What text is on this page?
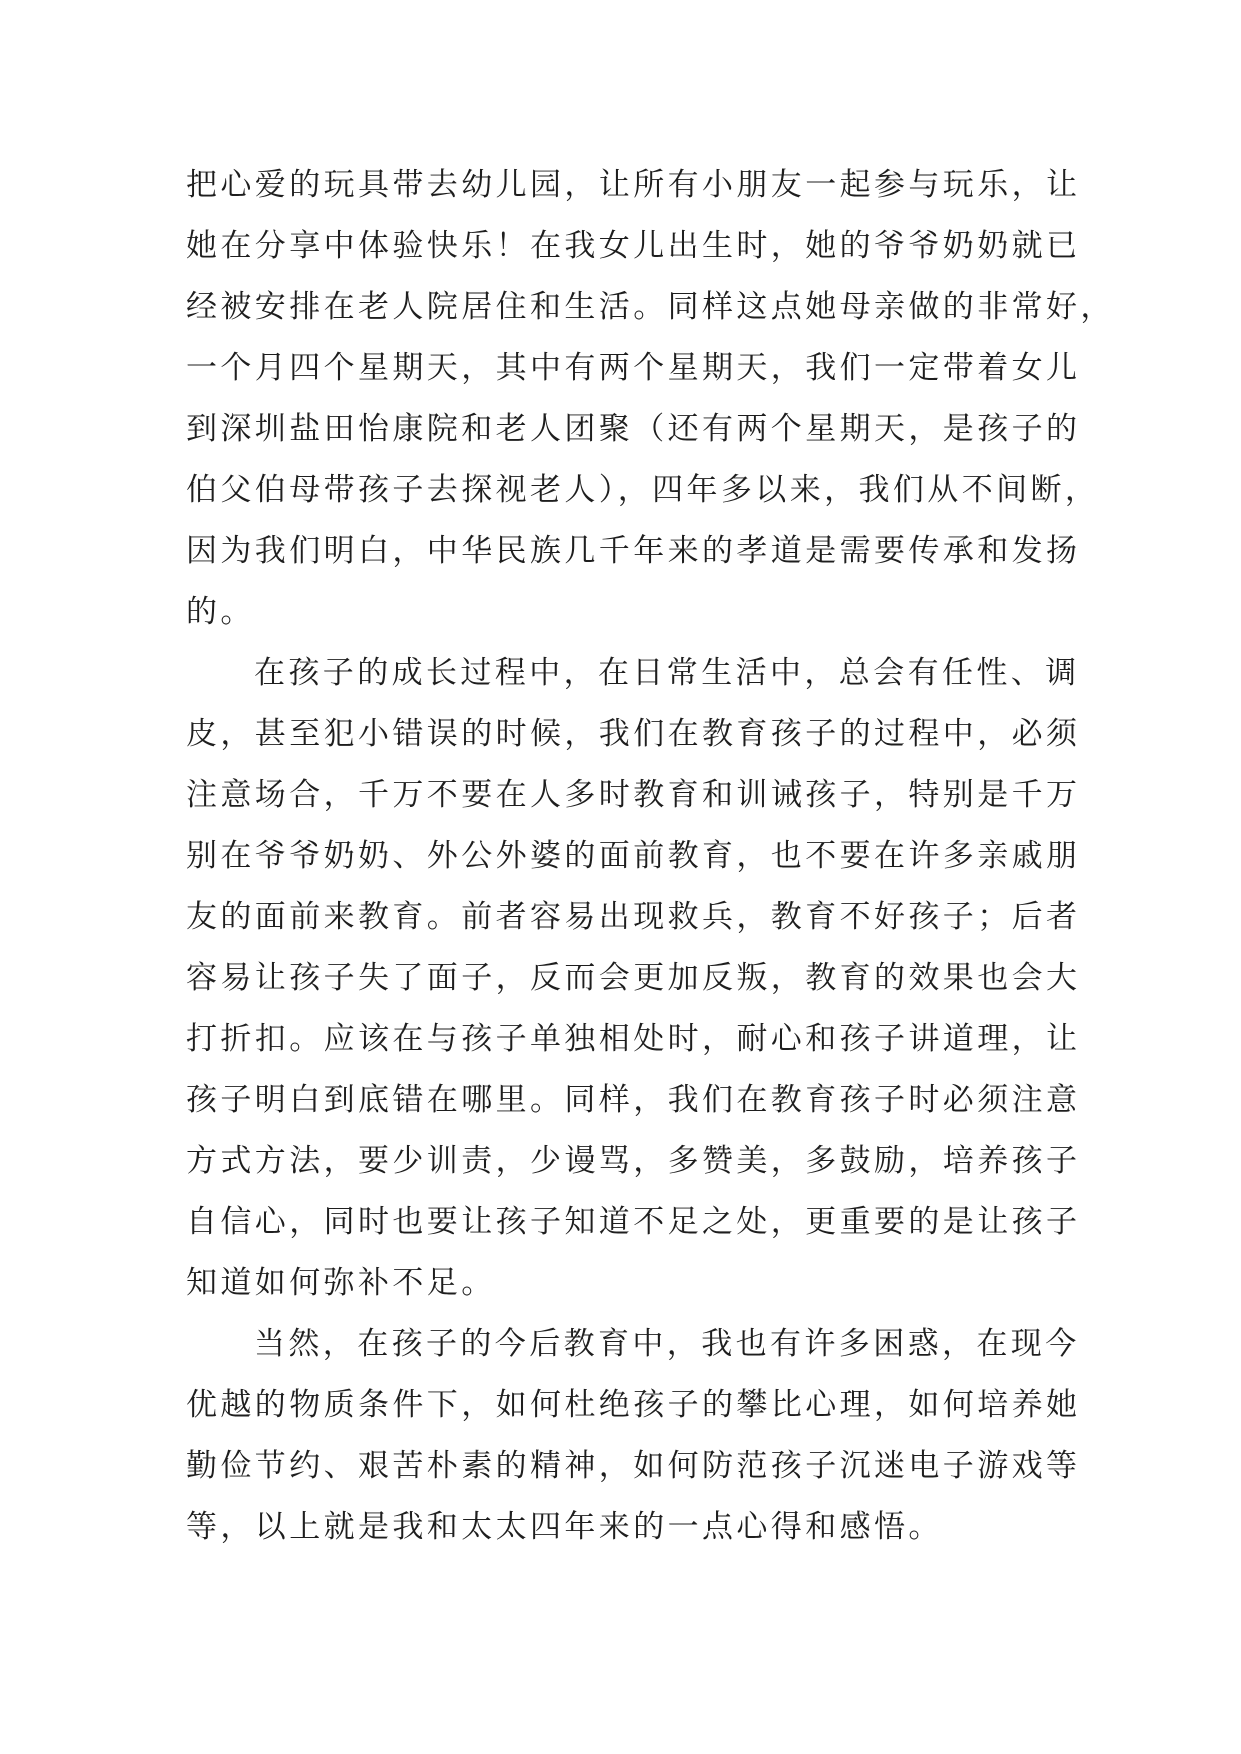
把心爱的玩具带去幼儿园，让所有小朋友一起参与玩乐，让
她在分享中体验快乐！在我女儿出生时，她的爷爷奶奶就已
经被安排在老人院居住和生活。同样这点她母亲做的非常好，
一个月四个星期天，其中有两个星期天，我们一定带着女儿
到深圳盐田怡康院和老人团聚（还有两个星期天，是孩子的
伯父伯母带孩子去探视老人），四年多以来，我们从不间断，
因为我们明白，中华民族几千年来的孝道是需要传承和发扬
的。
在孩子的成长过程中，在日常生活中，总会有任性、调
皮，甚至犯小错误的时候，我们在教育孩子的过程中，必须
注意场合，千万不要在人多时教育和训诫孩子，特别是千万
别在爷爷奶奶、外公外婆的面前教育，也不要在许多亲戚朋
友的面前来教育。前者容易出现救兵，教育不好孩子；后者
容易让孩子失了面子，反而会更加反叛，教育的效果也会大
打折扣。应该在与孩子单独相处时，耐心和孩子讲道理，让
孩子明白到底错在哪里。同样，我们在教育孩子时必须注意
方式方法，要少训责，少谩骂，多赞美，多鼓励，培养孩子
自信心，同时也要让孩子知道不足之处，更重要的是让孩子
知道如何弥补不足。
当然，在孩子的今后教育中，我也有许多困惑，在现今
优越的物质条件下，如何杜绝孩子的攀比心理，如何培养她
勤俭节约、艰苦朴素的精神，如何防范孩子沉迷电子游戏等
等，以上就是我和太太四年来的一点心得和感悟。
